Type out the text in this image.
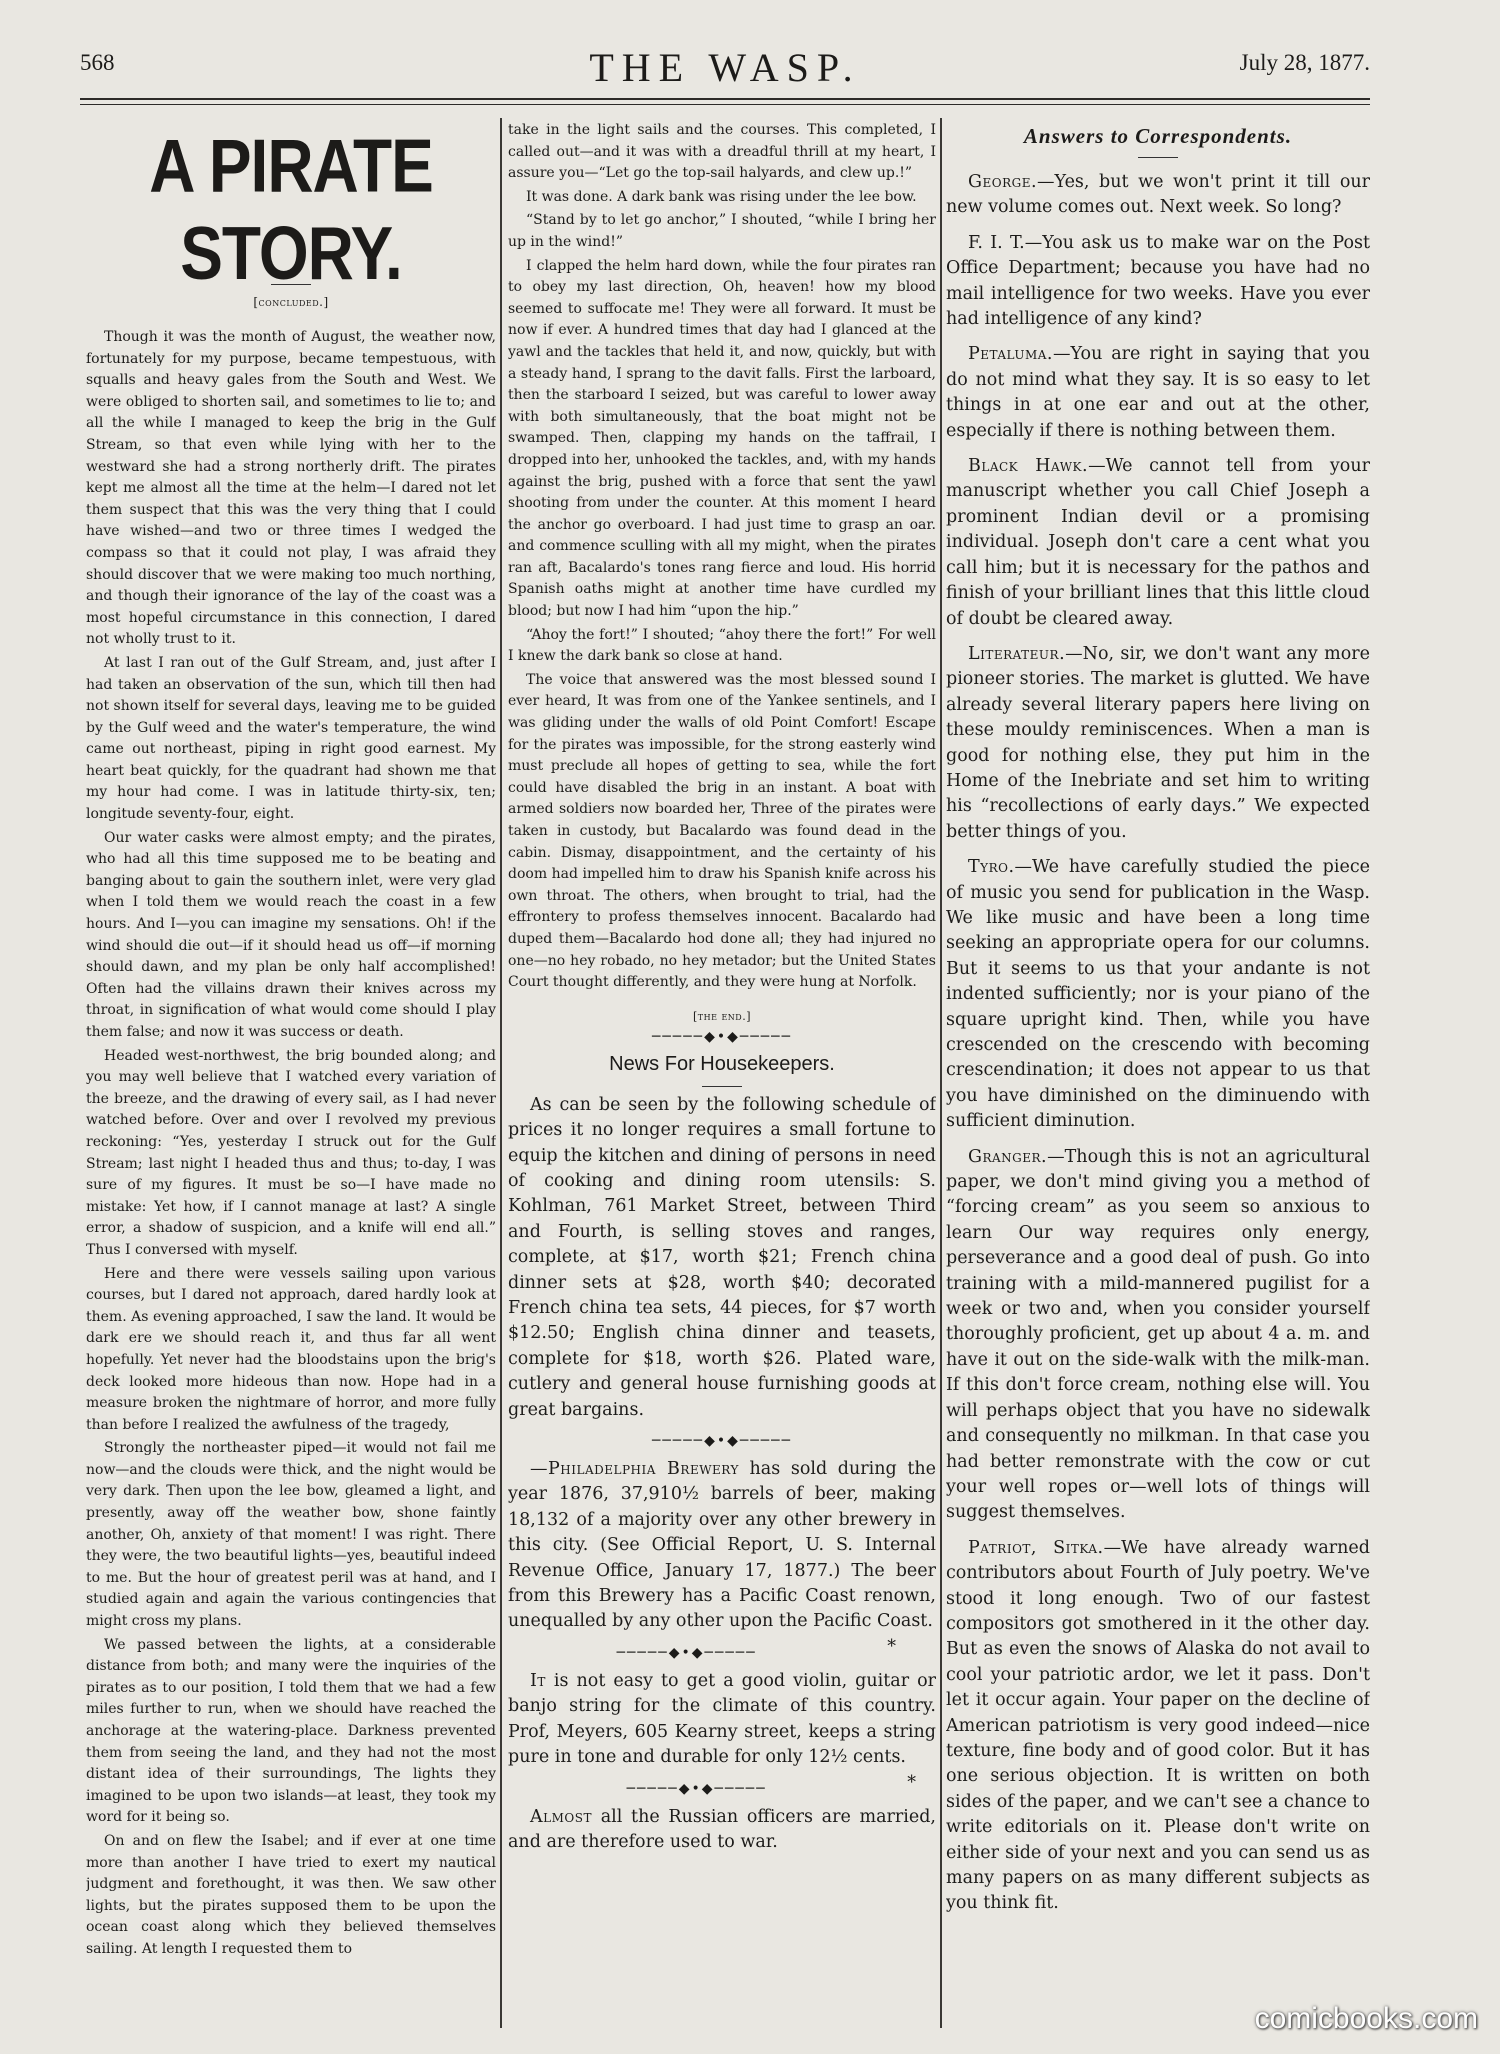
568	THE WASP.	July 28, 1877.
A PIRATE STORY.
[concluded.]

Though it was the month of August, the weather now, fortunately for my purpose, became tempestuous, with squalls and heavy gales from the South and West. We were obliged to shorten sail, and sometimes to lie to; and all the while I managed to keep the brig in the Gulf Stream, so that even while lying with her to the westward she had a strong northerly drift. The pirates kept me almost all the time at the helm—I dared not let them suspect that this was the very thing that I could have wished—and two or three times I wedged the compass so that it could not play, I was afraid they should discover that we were making too much northing, and though their ignorance of the lay of the coast was a most hopeful circumstance in this connection, I dared not wholly trust to it.

At last I ran out of the Gulf Stream, and, just after I had taken an observation of the sun, which till then had not shown itself for several days, leaving me to be guided by the Gulf weed and the water's temperature, the wind came out northeast, piping in right good earnest. My heart beat quickly, for the quadrant had shown me that my hour had come. I was in latitude thirty-six, ten; longitude seventy-four, eight.

Our water casks were almost empty; and the pirates, who had all this time supposed me to be beating and banging about to gain the southern inlet, were very glad when I told them we would reach the coast in a few hours. And I—you can imagine my sensations. Oh! if the wind should die out—if it should head us off—if morning should dawn, and my plan be only half accomplished! Often had the villains drawn their knives across my throat, in signification of what would come should I play them false; and now it was success or death.

Headed west-northwest, the brig bounded along; and you may well believe that I watched every variation of the breeze, and the drawing of every sail, as I had never watched before. Over and over I revolved my previous reckoning: “Yes, yesterday I struck out for the Gulf Stream; last night I headed thus and thus; to-day, I was sure of my figures. It must be so—I have made no mistake: Yet how, if I cannot manage at last? A single error, a shadow of suspicion, and a knife will end all.” Thus I conversed with myself.

Here and there were vessels sailing upon various courses, but I dared not approach, dared hardly look at them. As evening approached, I saw the land. It would be dark ere we should reach it, and thus far all went hopefully. Yet never had the bloodstains upon the brig's deck looked more hideous than now. Hope had in a measure broken the nightmare of horror, and more fully than before I realized the awfulness of the tragedy,

Strongly the northeaster piped—it would not fail me now—and the clouds were thick, and the night would be very dark. Then upon the lee bow, gleamed a light, and presently, away off the weather bow, shone faintly another, Oh, anxiety of that moment! I was right. There they were, the two beautiful lights—yes, beautiful indeed to me. But the hour of greatest peril was at hand, and I studied again and again the various contingencies that might cross my plans.

We passed between the lights, at a considerable distance from both; and many were the inquiries of the pirates as to our position, I told them that we had a few miles further to run, when we should have reached the anchorage at the watering-place. Darkness prevented them from seeing the land, and they had not the most distant idea of their surroundings, The lights they imagined to be upon two islands—at least, they took my word for it being so.

On and on flew the Isabel; and if ever at one time more than another I have tried to exert my nautical judgment and forethought, it was then. We saw other lights, but the pirates supposed them to be upon the ocean coast along which they believed themselves sailing. At length I requested them to

take in the light sails and the courses. This completed, I called out—and it was with a dreadful thrill at my heart, I assure you—“Let go the top-sail halyards, and clew up.!”

It was done. A dark bank was rising under the lee bow.

“Stand by to let go anchor,” I shouted, “while I bring her up in the wind!”

I clapped the helm hard down, while the four pirates ran to obey my last direction, Oh, heaven! how my blood seemed to suffocate me! They were all forward. It must be now if ever. A hundred times that day had I glanced at the yawl and the tackles that held it, and now, quickly, but with a steady hand, I sprang to the davit falls. First the larboard, then the starboard I seized, but was careful to lower away with both simultaneously, that the boat might not be swamped. Then, clapping my hands on the taffrail, I dropped into her, unhooked the tackles, and, with my hands against the brig, pushed with a force that sent the yawl shooting from under the counter. At this moment I heard the anchor go overboard. I had just time to grasp an oar. and commence sculling with all my might, when the pirates ran aft, Bacalardo's tones rang fierce and loud. His horrid Spanish oaths might at another time have curdled my blood; but now I had him “upon the hip.”

“Ahoy the fort!” I shouted; “ahoy there the fort!” For well I knew the dark bank so close at hand.

The voice that answered was the most blessed sound I ever heard, It was from one of the Yankee sentinels, and I was gliding under the walls of old Point Comfort! Escape for the pirates was impossible, for the strong easterly wind must preclude all hopes of getting to sea, while the fort could have disabled the brig in an instant. A boat with armed soldiers now boarded her, Three of the pirates were taken in custody, but Bacalardo was found dead in the cabin. Dismay, disappointment, and the certainty of his doom had impelled him to draw his Spanish knife across his own throat. The others, when brought to trial, had the effrontery to profess themselves innocent. Bacalardo had duped them—Bacalardo hod done all; they had injured no one—no hey robado, no hey metador; but the United States Court thought differently, and they were hung at Norfolk.

[the end.]
─────◆•◆─────
News For Housekeepers.

As can be seen by the following schedule of prices it no longer requires a small fortune to equip the kitchen and dining of persons in need of cooking and dining room utensils: S. Kohlman, 761 Market Street, between Third and Fourth, is selling stoves and ranges, complete, at $17, worth $21; French china dinner sets at $28, worth $40; decorated French china tea sets, 44 pieces, for $7 worth $12.50; English china dinner and teasets, complete for $18, worth $26. Plated ware, cutlery and general house furnishing goods at great bargains.

─────◆•◆─────

—Philadelphia Brewery has sold during the year 1876, 37,910½ barrels of beer, making 18,132 of a majority over any other brewery in this city. (See Official Report, U. S. Internal Revenue Office, January 17, 1877.) The beer from this Brewery has a Pacific Coast renown, unequalled by any other upon the Pacific Coast.
*

─────◆•◆─────

It is not easy to get a good violin, guitar or banjo string for the climate of this country. Prof, Meyers, 605 Kearny street, keeps a string pure in tone and durable for only 12½ cents.
*

─────◆•◆─────

Almost all the Russian officers are married, and are therefore used to war.

Answers to Correspondents.

George.—Yes, but we won't print it till our new volume comes out. Next week. So long?

F. I. T.—You ask us to make war on the Post Office Department; because you have had no mail intelligence for two weeks. Have you ever had intelligence of any kind?

Petaluma.—You are right in saying that you do not mind what they say. It is so easy to let things in at one ear and out at the other, especially if there is nothing between them.

Black Hawk.—We cannot tell from your manuscript whether you call Chief Joseph a prominent Indian devil or a promising individual. Joseph don't care a cent what you call him; but it is necessary for the pathos and finish of your brilliant lines that this little cloud of doubt be cleared away.

Literateur.—No, sir, we don't want any more pioneer stories. The market is glutted. We have already several literary papers here living on these mouldy reminiscences. When a man is good for nothing else, they put him in the Home of the Inebriate and set him to writing his “recollections of early days.” We expected better things of you.

Tyro.—We have carefully studied the piece of music you send for publication in the Wasp. We like music and have been a long time seeking an appropriate opera for our columns. But it seems to us that your andante is not indented sufficiently; nor is your piano of the square upright kind. Then, while you have crescended on the crescendo with becoming crescendination; it does not appear to us that you have diminished on the diminuendo with sufficient diminution.

Granger.—Though this is not an agricultural paper, we don't mind giving you a method of “forcing cream” as you seem so anxious to learn Our way requires only energy, perseverance and a good deal of push. Go into training with a mild-mannered pugilist for a week or two and, when you consider yourself thoroughly proficient, get up about 4 a. m. and have it out on the side-walk with the milk-man. If this don't force cream, nothing else will. You will perhaps object that you have no sidewalk and consequently no milkman. In that case you had better remonstrate with the cow or cut your well ropes or—well lots of things will suggest themselves.

Patriot, Sitka.—We have already warned contributors about Fourth of July poetry. We've stood it long enough. Two of our fastest compositors got smothered in it the other day. But as even the snows of Alaska do not avail to cool your patriotic ardor, we let it pass. Don't let it occur again. Your paper on the decline of American patriotism is very good indeed—nice texture, fine body and of good color. But it has one serious objection. It is written on both sides of the paper, and we can't see a chance to write editorials on it. Please don't write on either side of your next and you can send us as many papers on as many different subjects as you think fit.

comicbooks.com
